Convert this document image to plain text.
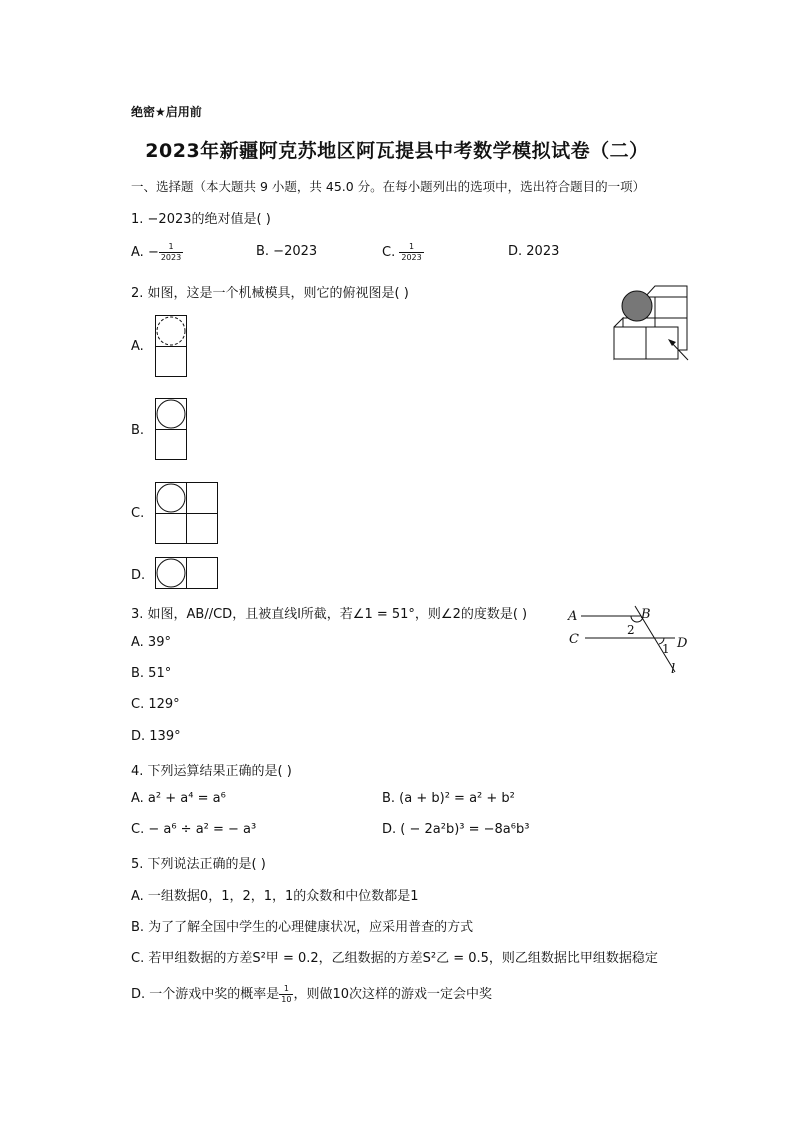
绝密★启用前
2023年新疆阿克苏地区阿瓦提县中考数学模拟试卷（二）
一、选择题（本大题共 9 小题，共 45.0 分。在每小题列出的选项中，选出符合题目的一项）
1. −2023的绝对值是( )
A. − $\frac{1}{2023}$	B. −2023	C. $\frac{1}{2023}$	D. 2023
2. 如图，这是一个机械模具，则它的俯视图是( )
A.
B.
C.
D.
3. 如图，AB//CD，且被直线l所截，若∠1 = 51°，则∠2的度数是( )	A	B
C	D
l
1
2
A. 39°
B. 51°
C. 129°
D. 139°
4. 下列运算结果正确的是( )
A. a² + a⁴ = a⁶	B. (a + b)² = a² + b²
C. − a⁶ ÷ a² = − a³	D. ( − 2a²b)³ = −8a⁶b³
5. 下列说法正确的是( )
A. 一组数据0，1，2，1，1的众数和中位数都是1
B. 为了了解全国中学生的心理健康状况，应采用普查的方式
C. 若甲组数据的方差S²甲 = 0.2，乙组数据的方差S²乙 = 0.5，则乙组数据比甲组数据稳定
D. 一个游戏中奖的概率是 $\frac{1}{10}$ ，则做10次这样的游戏一定会中奖
